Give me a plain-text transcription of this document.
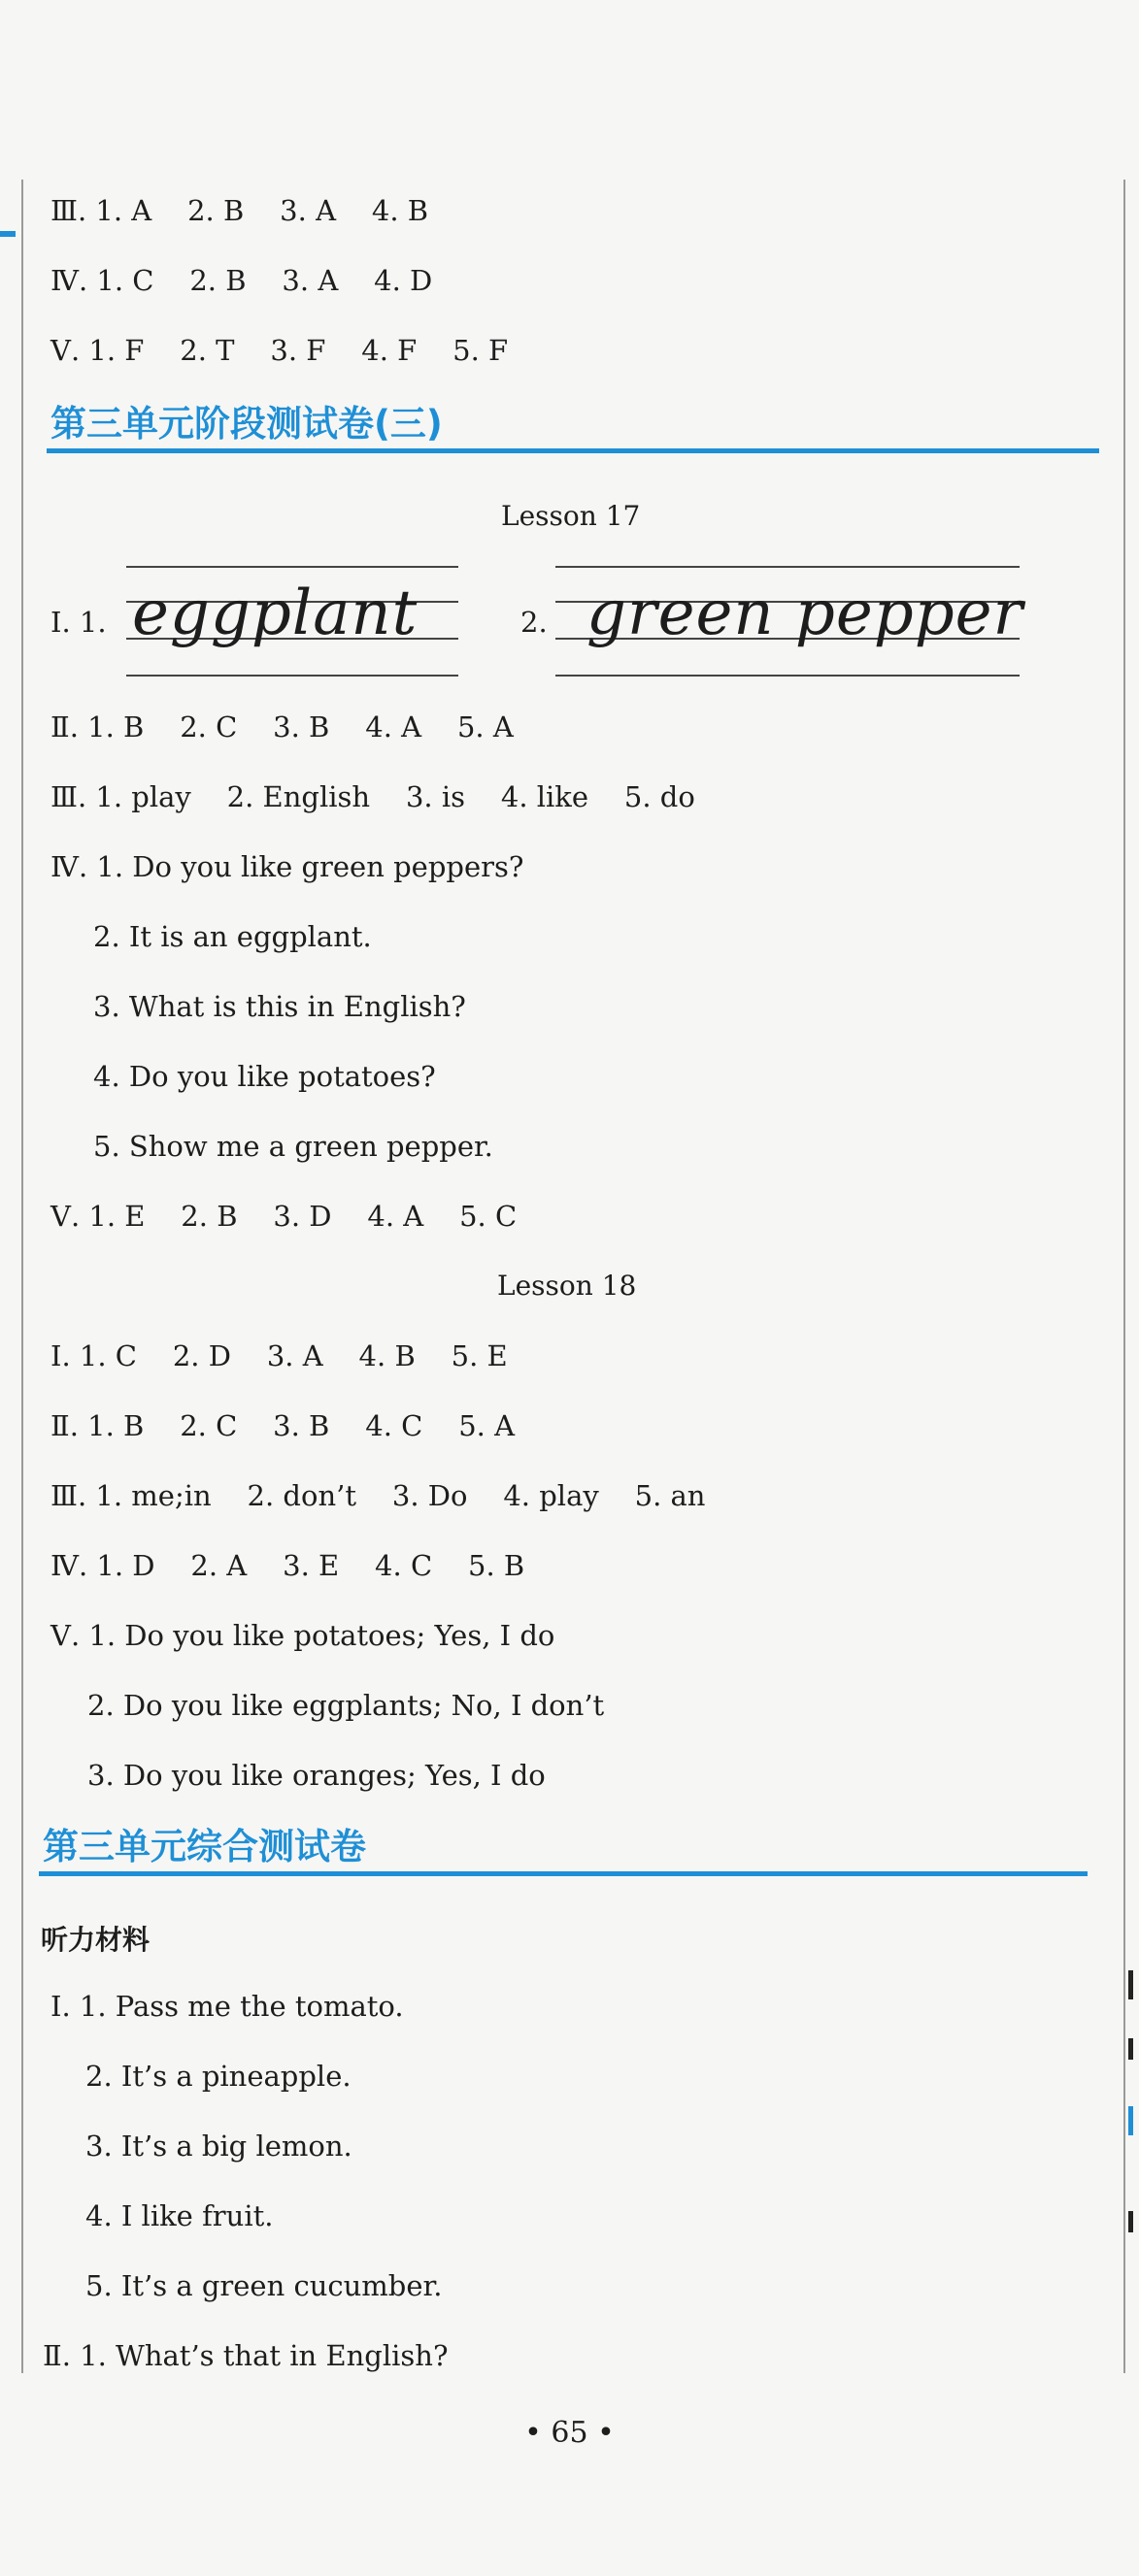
Ⅲ. 1. A    2. B    3. A    4. B
Ⅳ. 1. C    2. B    3. A    4. D
Ⅴ. 1. F    2. T    3. F    4. F    5. F
第三单元阶段测试卷(三)
Lesson 17
Ⅰ. 1. eggplant	2. green pepper
Ⅱ. 1. B    2. C    3. B    4. A    5. A
Ⅲ. 1. play    2. English    3. is    4. like    5. do
Ⅳ. 1. Do you like green peppers?
2. It is an eggplant.
3. What is this in English?
4. Do you like potatoes?
5. Show me a green pepper.
Ⅴ. 1. E    2. B    3. D    4. A    5. C
Lesson 18
Ⅰ. 1. C    2. D    3. A    4. B    5. E
Ⅱ. 1. B    2. C    3. B    4. C    5. A
Ⅲ. 1. me;in    2. don’t    3. Do    4. play    5. an
Ⅳ. 1. D    2. A    3. E    4. C    5. B
Ⅴ. 1. Do you like potatoes; Yes, I do
2. Do you like eggplants; No, I don’t
3. Do you like oranges; Yes, I do
第三单元综合测试卷
听力材料
Ⅰ. 1. Pass me the tomato.
2. It’s a pineapple.
3. It’s a big lemon.
4. I like fruit.
5. It’s a green cucumber.
Ⅱ. 1. What’s that in English?
• 65 •
